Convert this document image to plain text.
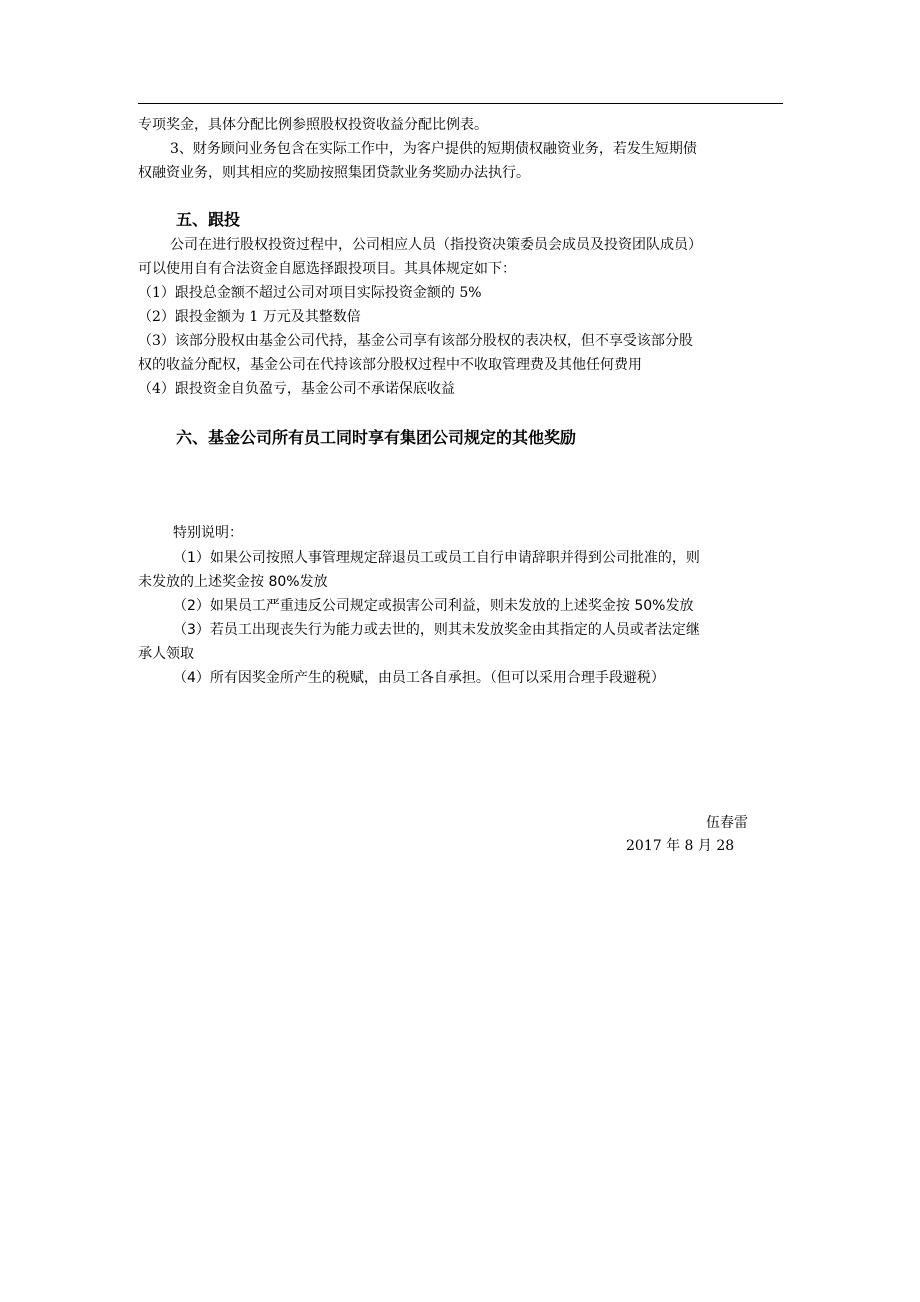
专项奖金，具体分配比例参照股权投资收益分配比例表。
3、财务顾问业务包含在实际工作中，为客户提供的短期债权融资业务，若发生短期债
权融资业务，则其相应的奖励按照集团贷款业务奖励办法执行。
五、跟投
公司在进行股权投资过程中，公司相应人员（指投资决策委员会成员及投资团队成员）
可以使用自有合法资金自愿选择跟投项目。其具体规定如下：
（1）跟投总金额不超过公司对项目实际投资金额的 5%
（2）跟投金额为 1 万元及其整数倍
（3）该部分股权由基金公司代持，基金公司享有该部分股权的表决权，但不享受该部分股
权的收益分配权，基金公司在代持该部分股权过程中不收取管理费及其他任何费用
（4）跟投资金自负盈亏，基金公司不承诺保底收益
六、基金公司所有员工同时享有集团公司规定的其他奖励
特别说明：
（1）如果公司按照人事管理规定辞退员工或员工自行申请辞职并得到公司批准的，则
未发放的上述奖金按 80%发放
（2）如果员工严重违反公司规定或损害公司利益，则未发放的上述奖金按 50%发放
（3）若员工出现丧失行为能力或去世的，则其未发放奖金由其指定的人员或者法定继
承人领取
（4）所有因奖金所产生的税赋，由员工各自承担。（但可以采用合理手段避税）
伍春雷
2017 年 8 月 28
